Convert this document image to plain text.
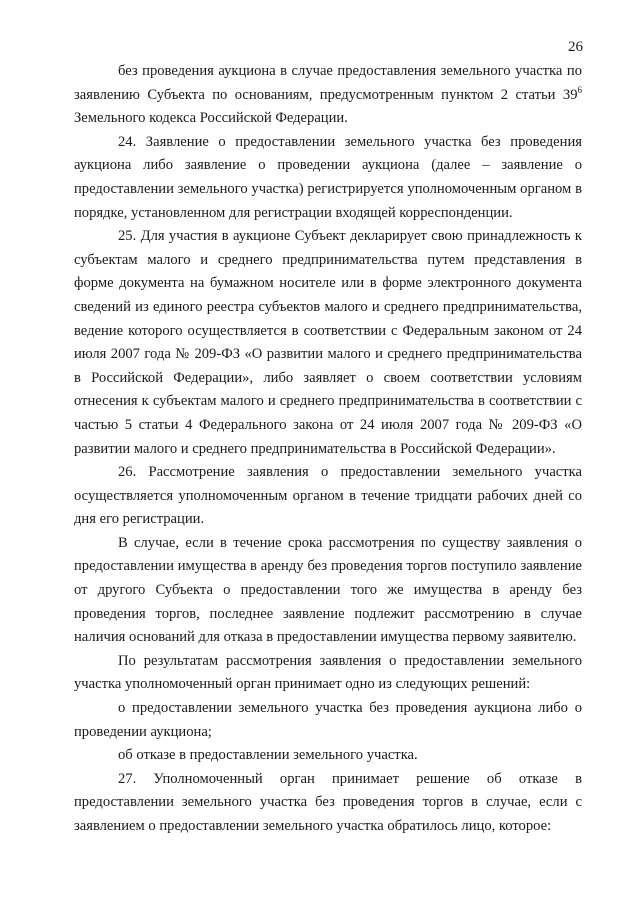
26

без проведения аукциона в случае предоставления земельного участка по заявлению Субъекта по основаниям, предусмотренным пунктом 2 статьи $39^6$ Земельного кодекса Российской Федерации.

24. Заявление о предоставлении земельного участка без проведения аукциона либо заявление о проведении аукциона (далее – заявление о предоставлении земельного участка) регистрируется уполномоченным органом в порядке, установленном для регистрации входящей корреспонденции.

25. Для участия в аукционе Субъект декларирует свою принадлежность к субъектам малого и среднего предпринимательства путем представления в форме документа на бумажном носителе или в форме электронного документа сведений из единого реестра субъектов малого и среднего предпринимательства, ведение которого осуществляется в соответствии с Федеральным законом от 24 июля 2007 года № 209-ФЗ «О развитии малого и среднего предпринимательства в Российской Федерации», либо заявляет о своем соответствии условиям отнесения к субъектам малого и среднего предпринимательства в соответствии с частью 5 статьи 4 Федерального закона от 24 июля 2007 года № 209-ФЗ «О развитии малого и среднего предпринимательства в Российской Федерации».

26. Рассмотрение заявления о предоставлении земельного участка осуществляется уполномоченным органом в течение тридцати рабочих дней со дня его регистрации.

В случае, если в течение срока рассмотрения по существу заявления о предоставлении имущества в аренду без проведения торгов поступило заявление от другого Субъекта о предоставлении того же имущества в аренду без проведения торгов, последнее заявление подлежит рассмотрению в случае наличия оснований для отказа в предоставлении имущества первому заявителю.

По результатам рассмотрения заявления о предоставлении земельного участка уполномоченный орган принимает одно из следующих решений:

о предоставлении земельного участка без проведения аукциона либо о проведении аукциона;

об отказе в предоставлении земельного участка.

27. Уполномоченный орган принимает решение об отказе в предоставлении земельного участка без проведения торгов в случае, если с заявлением о предоставлении земельного участка обратилось лицо, которое:
